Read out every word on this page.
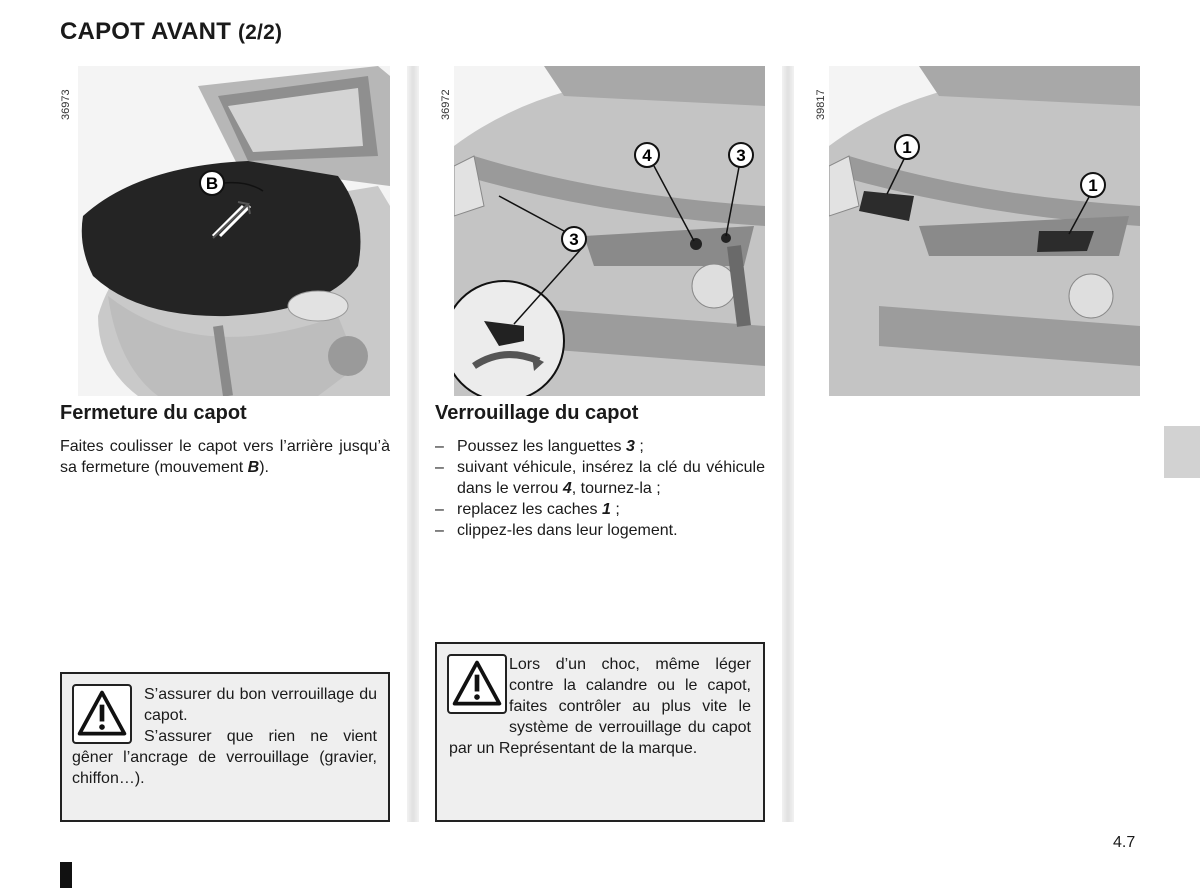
CAPOT AVANT (2/2)
36973	36972	39817
B
4	3
3
1
1
Fermeture du capot

Faites coulisser le capot vers l’arrière jusqu’à sa fermeture (mouvement B).

Verrouillage du capot
– Poussez les languettes 3 ;
– suivant véhicule, insérez la clé du véhicule dans le verrou 4, tournez-la ;
– replacez les caches 1 ;
– clippez-les dans leur logement.

S’assurer du bon verrouillage du capot.

S’assurer que rien ne vient gêner l’ancrage de verrouillage (gravier, chiffon…).

Lors d’un choc, même léger contre la calandre ou le capot, faites contrôler au plus vite le système de verrouillage du capot par un Représentant de la marque.

4.7
